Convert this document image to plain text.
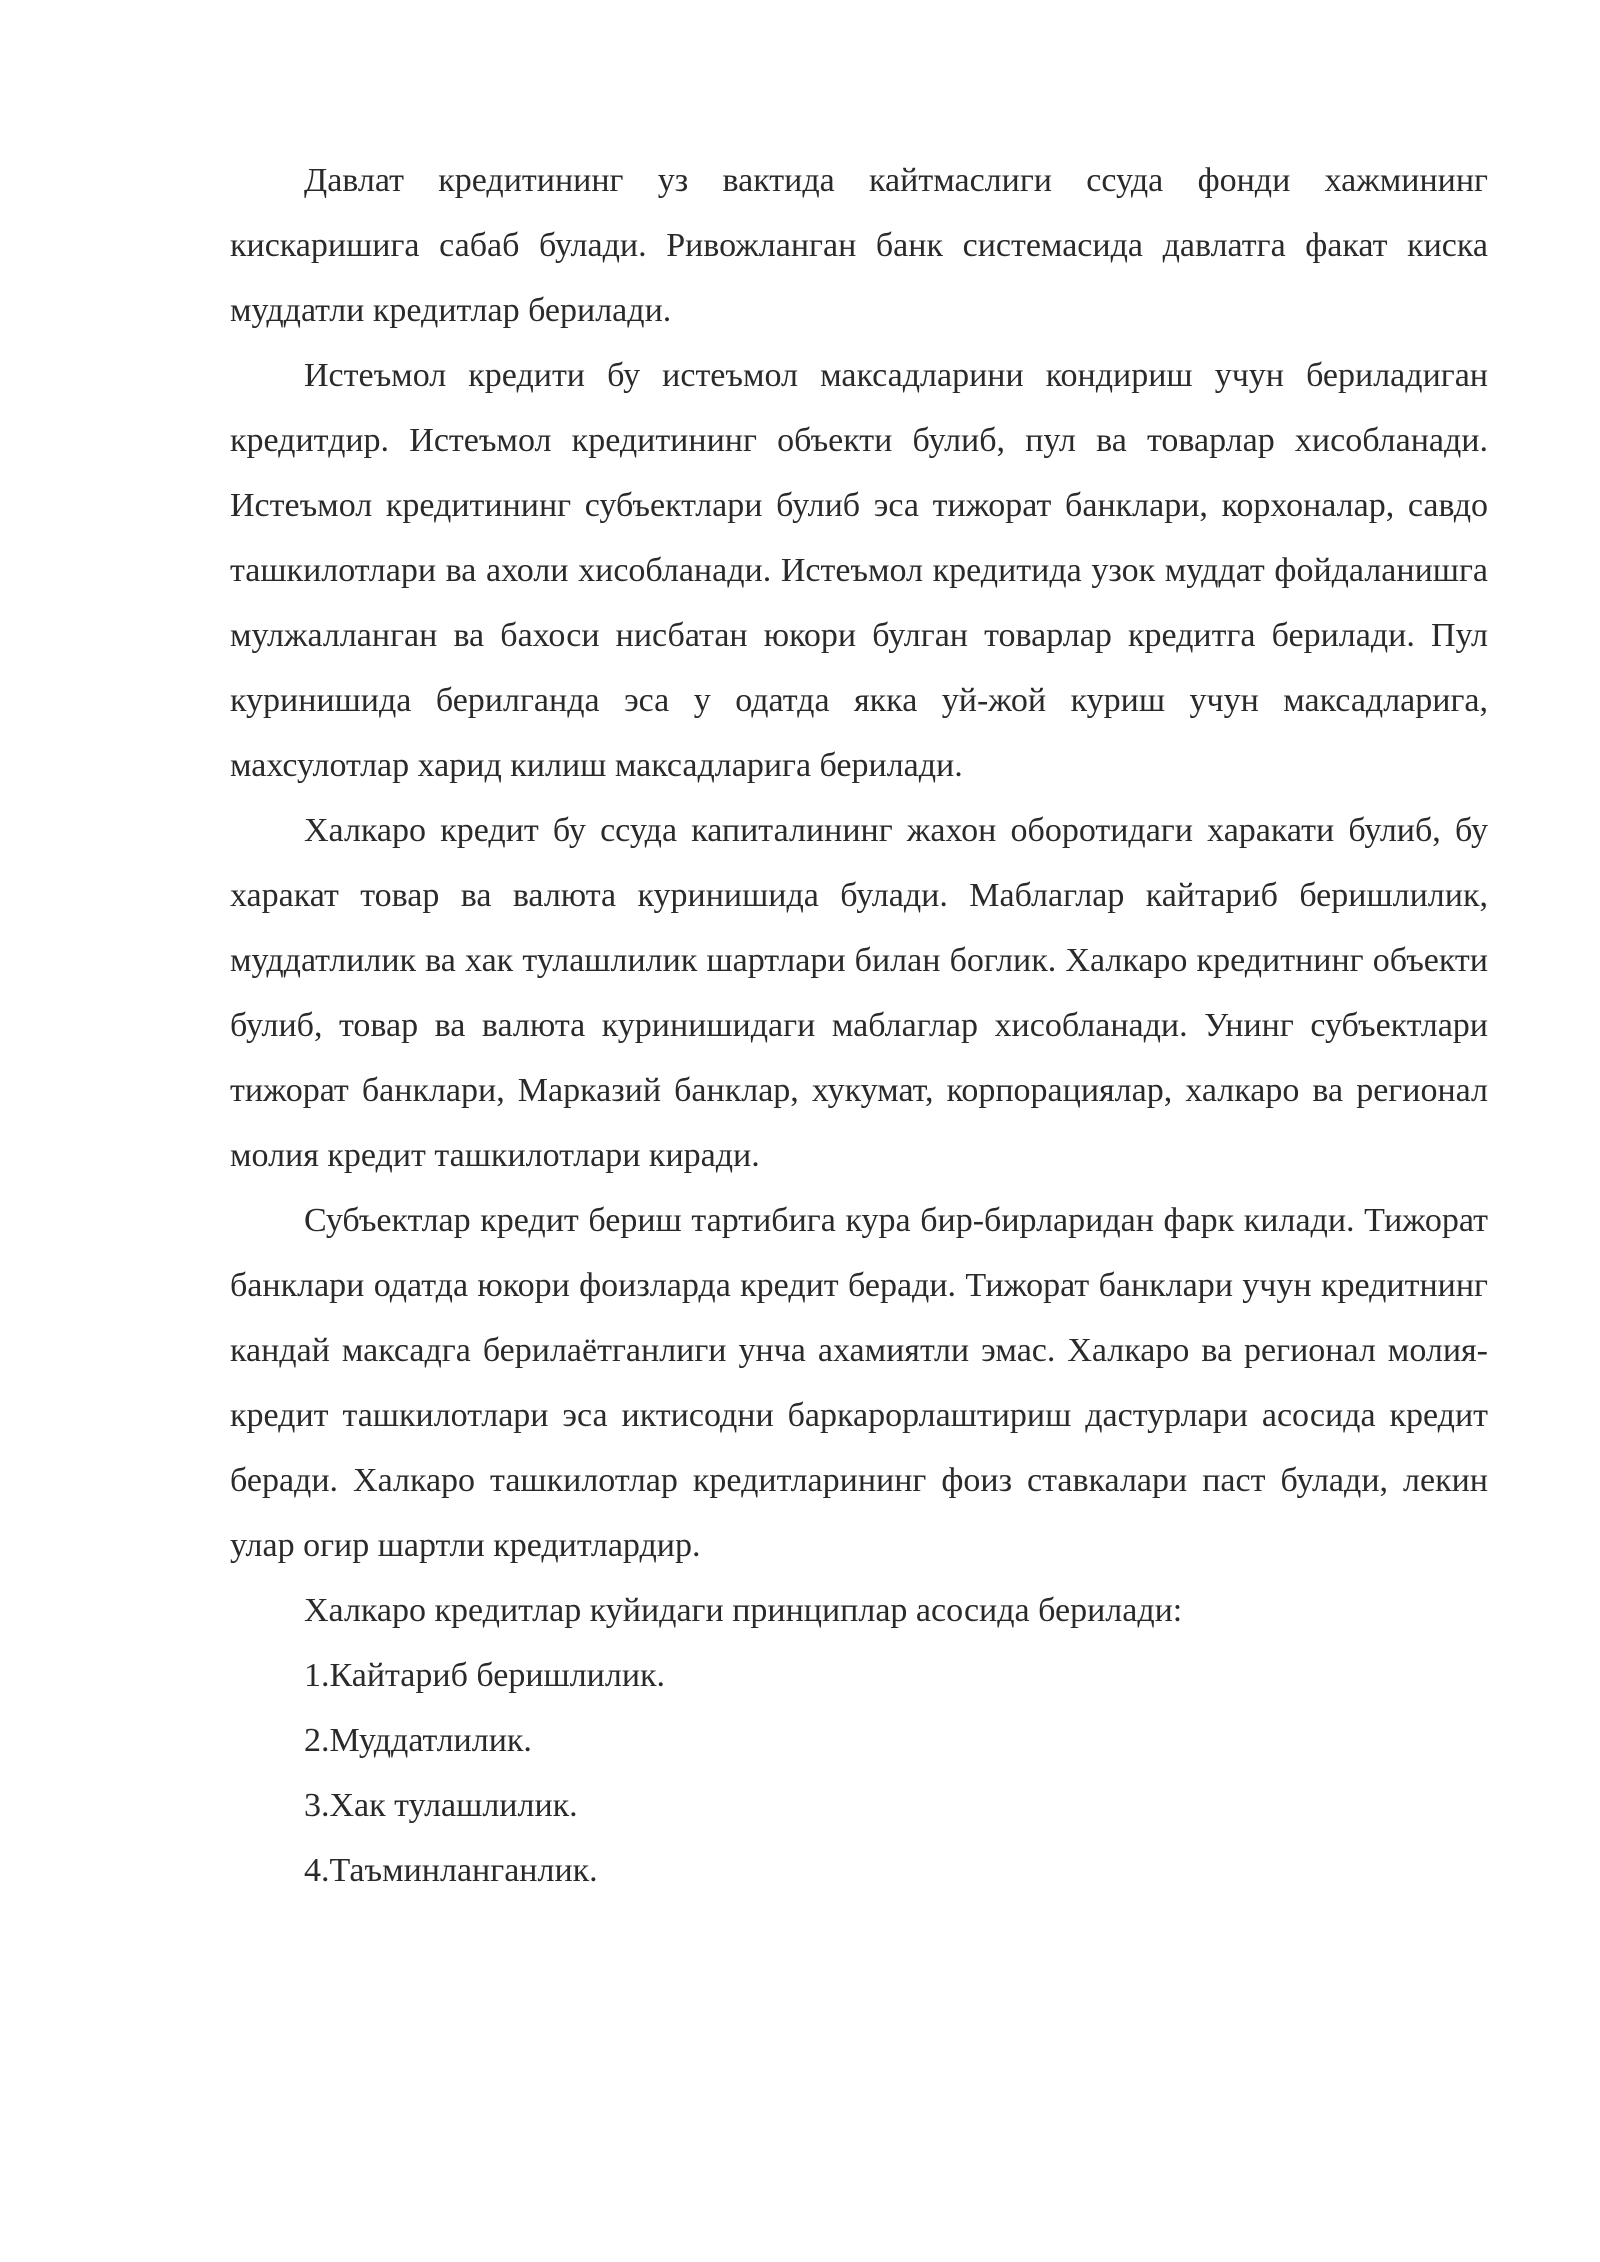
Давлат кредитининг уз вактида кайтмаслиги ссуда фонди хажмининг кискаришига сабаб булади. Ривожланган банк системасида давлатга факат киска муддатли кредитлар берилади.

Истеъмол кредити бу истеъмол максадларини кондириш учун бериладиган кредитдир. Истеъмол кредитининг объекти булиб, пул ва товарлар хисобланади. Истеъмол кредитининг субъектлари булиб эса тижорат банклари, корхоналар, савдо ташкилотлари ва ахоли хисобланади. Истеъмол кредитида узок муддат фойдаланишга мулжалланган ва бахоси нисбатан юкори булган товарлар кредитга берилади. Пул куринишида берилганда эса у одатда якка уй-жой куриш учун максадларига, махсулотлар харид килиш максадларига берилади.

Халкаро кредит бу ссуда капиталининг жахон оборотидаги харакати булиб, бу харакат товар ва валюта куринишида булади. Маблаглар кайтариб беришлилик, муддатлилик ва хак тулашлилик шартлари билан боглик. Халкаро кредитнинг объекти булиб, товар ва валюта куринишидаги маблаглар хисобланади. Унинг субъектлари тижорат банклари, Марказий банклар, хукумат, корпорациялар, халкаро ва регионал молия кредит ташкилотлари киради.

Субъектлар кредит бериш тартибига кура бир-бирларидан фарк килади. Тижорат банклари одатда юкори фоизларда кредит беради. Тижорат банклари учун кредитнинг кандай максадга берилаётганлиги унча ахамиятли эмас. Халкаро ва регионал молия-кредит ташкилотлари эса иктисодни баркарорлаштириш дастурлари асосида кредит беради. Халкаро ташкилотлар кредитларининг фоиз ставкалари паст булади, лекин улар огир шартли кредитлардир.

Халкаро кредитлар куйидаги принциплар асосида берилади:

1.Кайтариб беришлилик.

2.Муддатлилик.

3.Хак тулашлилик.

4.Таъминланганлик.
